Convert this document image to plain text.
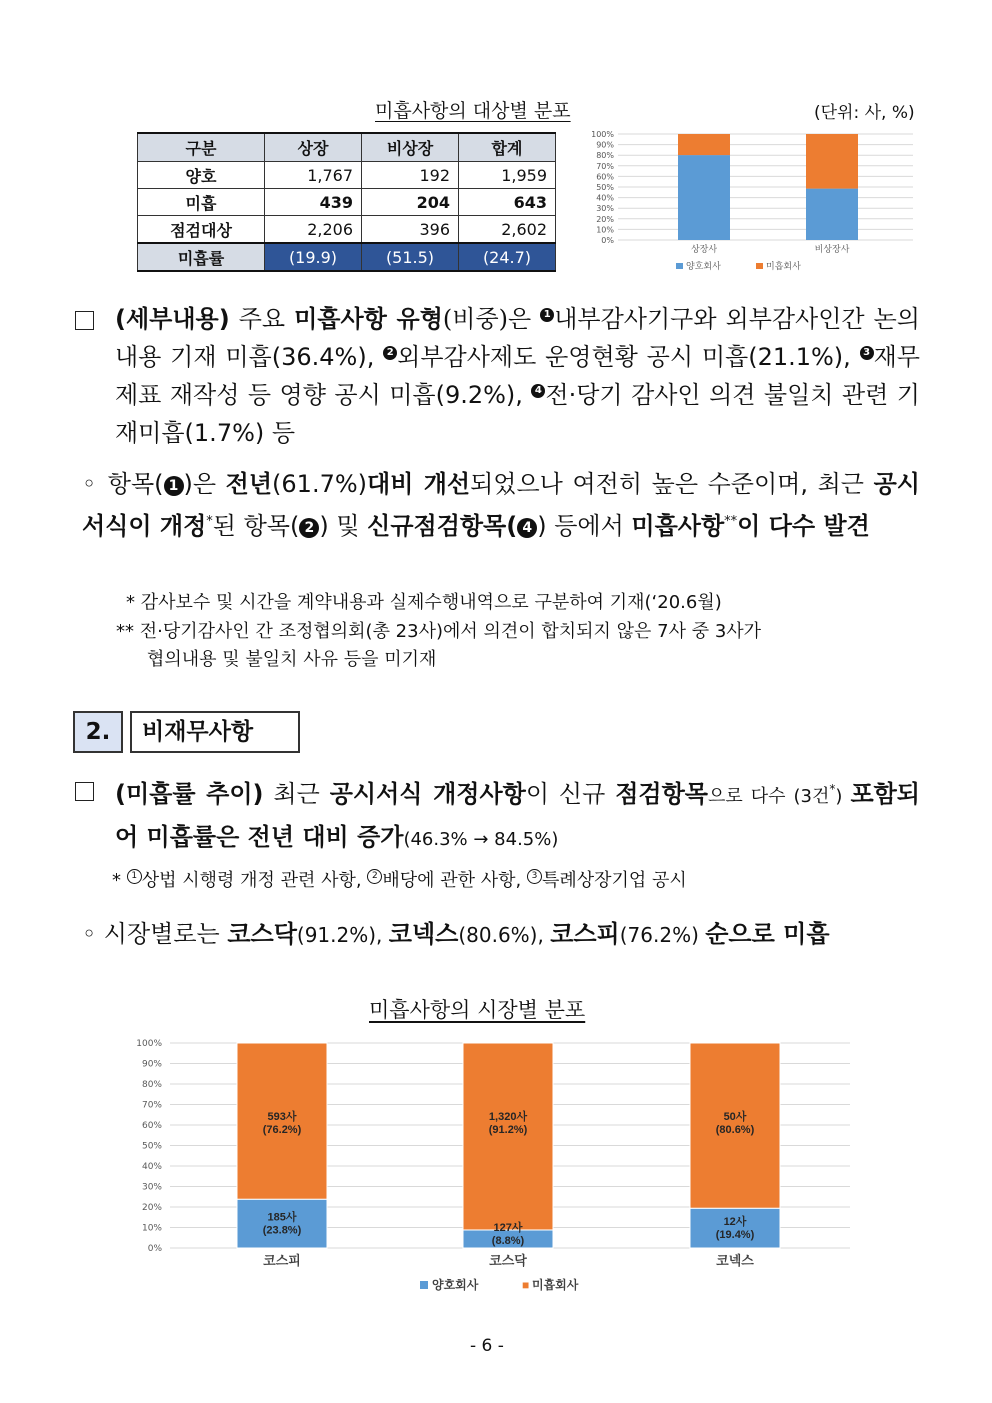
미흡사항의 대상별 분포	(단위: 사, %)
구분	상장	비상장	합계
양호	1,767	192	1,959
미흡	439	204	643
점검대상	2,206	396	2,602
미흡률	(19.9)	(51.5)	(24.7)
100%
90%
80%
70%
60%
50%
40%
30%
20%
10%
0%
상장사	비상장사
양호회사	미흡회사
(세부내용) 주요 미흡사항 유형(비중)은 1 내부감사기구와 외부감사인간 논의내용 기재 미흡(36.4%), 2 외부감사제도 운영현황 공시 미흡(21.1%), 3 재무제표 재작성 등 영향 공시 미흡(9.2%), 4 전·당기 감사인 의견 불일치 관련 기재미흡(1.7%) 등
◦ 항목( 1 )은 전년(61.7%)대비 개선되었으나 여전히 높은 수준이며, 최근 공시서식이 개정*된 항목( 2 ) 및 신규점검항목( 4 ) 등에서 미흡사항**이 다수 발견
* 감사보수 및 시간을 계약내용과 실제수행내역으로 구분하여 기재(‘20.6월)
** 전·당기감사인 간 조정협의회(총 23사)에서 의견이 합치되지 않은 7사 중 3사가
협의내용 및 불일치 사유 등을 미기재
2.	비재무사항
(미흡률 추이) 최근 공시서식 개정사항이 신규 점검항목으로 다수 (3건*) 포함되어 미흡률은 전년 대비 증가(46.3% → 84.5%)
* 1 상법 시행령 개정 관련 사항, 2 배당에 관한 사항, 3 특례상장기업 공시
◦ 시장별로는 코스닥(91.2%), 코넥스(80.6%), 코스피(76.2%) 순으로 미흡
미흡사항의 시장별 분포
100%
90%
80%
70%
60%
50%
40%
30%
20%
10%
0%
185사
(23.8%)
593사
(76.2%)
코스피
127사
(8.8%)
1,320사
(91.2%)
코스닥
12사
(19.4%)
50사
(80.6%)
코넥스
양호회사	■ 미흡회사
- 6 -
